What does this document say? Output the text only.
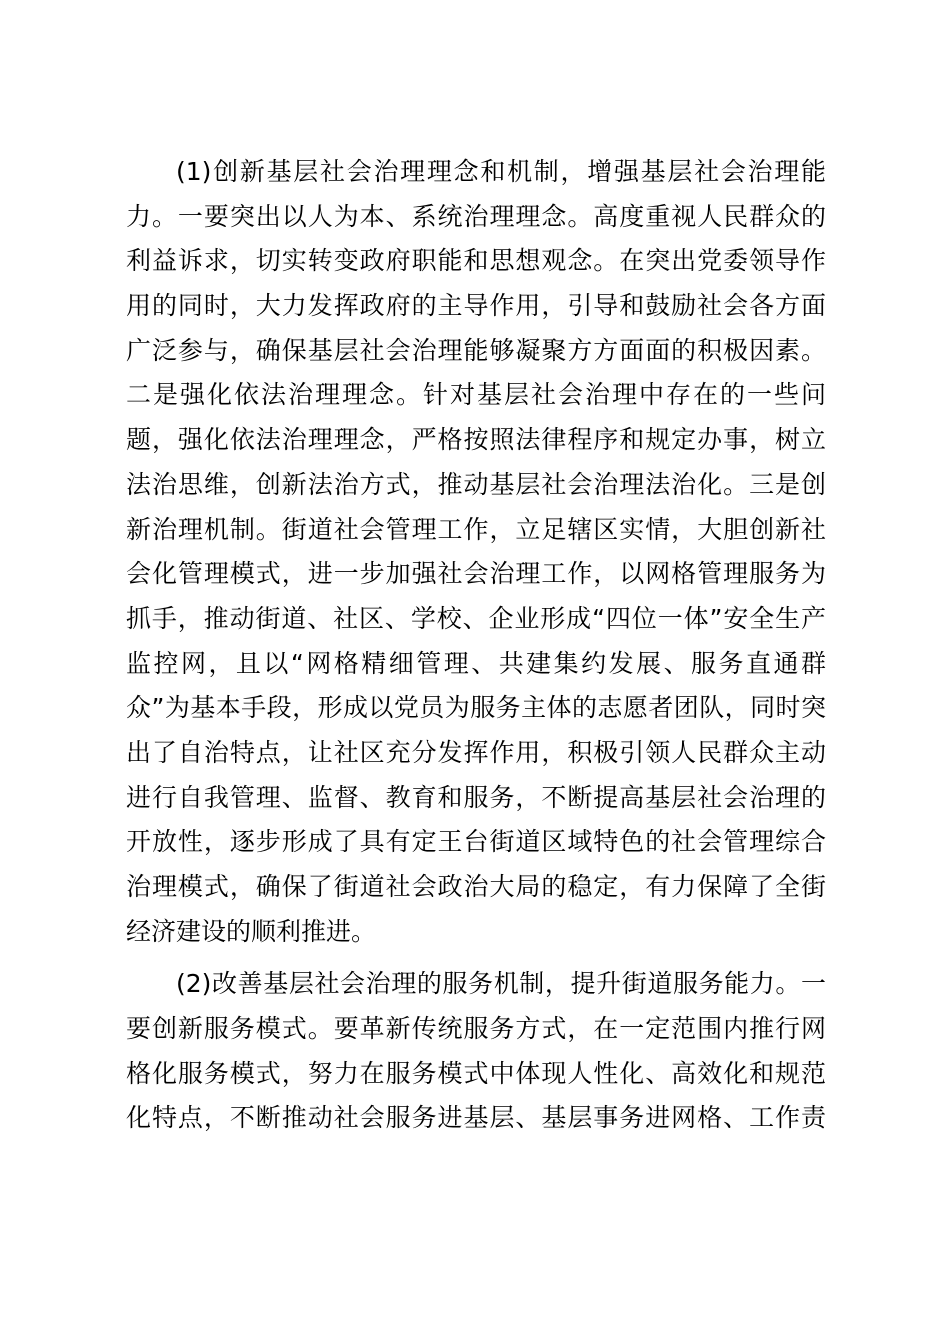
(1)创新基层社会治理理念和机制，增强基层社会治理能
力。一要突出以人为本、系统治理理念。高度重视人民群众的
利益诉求，切实转变政府职能和思想观念。在突出党委领导作
用的同时，大力发挥政府的主导作用，引导和鼓励社会各方面
广泛参与，确保基层社会治理能够凝聚方方面面的积极因素。
二是强化依法治理理念。针对基层社会治理中存在的一些问
题，强化依法治理理念，严格按照法律程序和规定办事，树立
法治思维，创新法治方式，推动基层社会治理法治化。三是创
新治理机制。街道社会管理工作，立足辖区实情，大胆创新社
会化管理模式，进一步加强社会治理工作，以网格管理服务为
抓手，推动街道、社区、学校、企业形成“四位一体”安全生产
监控网，且以“网格精细管理、共建集约发展、服务直通群
众”为基本手段，形成以党员为服务主体的志愿者团队，同时突
出了自治特点，让社区充分发挥作用，积极引领人民群众主动
进行自我管理、监督、教育和服务，不断提高基层社会治理的
开放性，逐步形成了具有定王台街道区域特色的社会管理综合
治理模式，确保了街道社会政治大局的稳定，有力保障了全街
经济建设的顺利推进。
(2)改善基层社会治理的服务机制，提升街道服务能力。一
要创新服务模式。要革新传统服务方式，在一定范围内推行网
格化服务模式，努力在服务模式中体现人性化、高效化和规范
化特点，不断推动社会服务进基层、基层事务进网格、工作责
